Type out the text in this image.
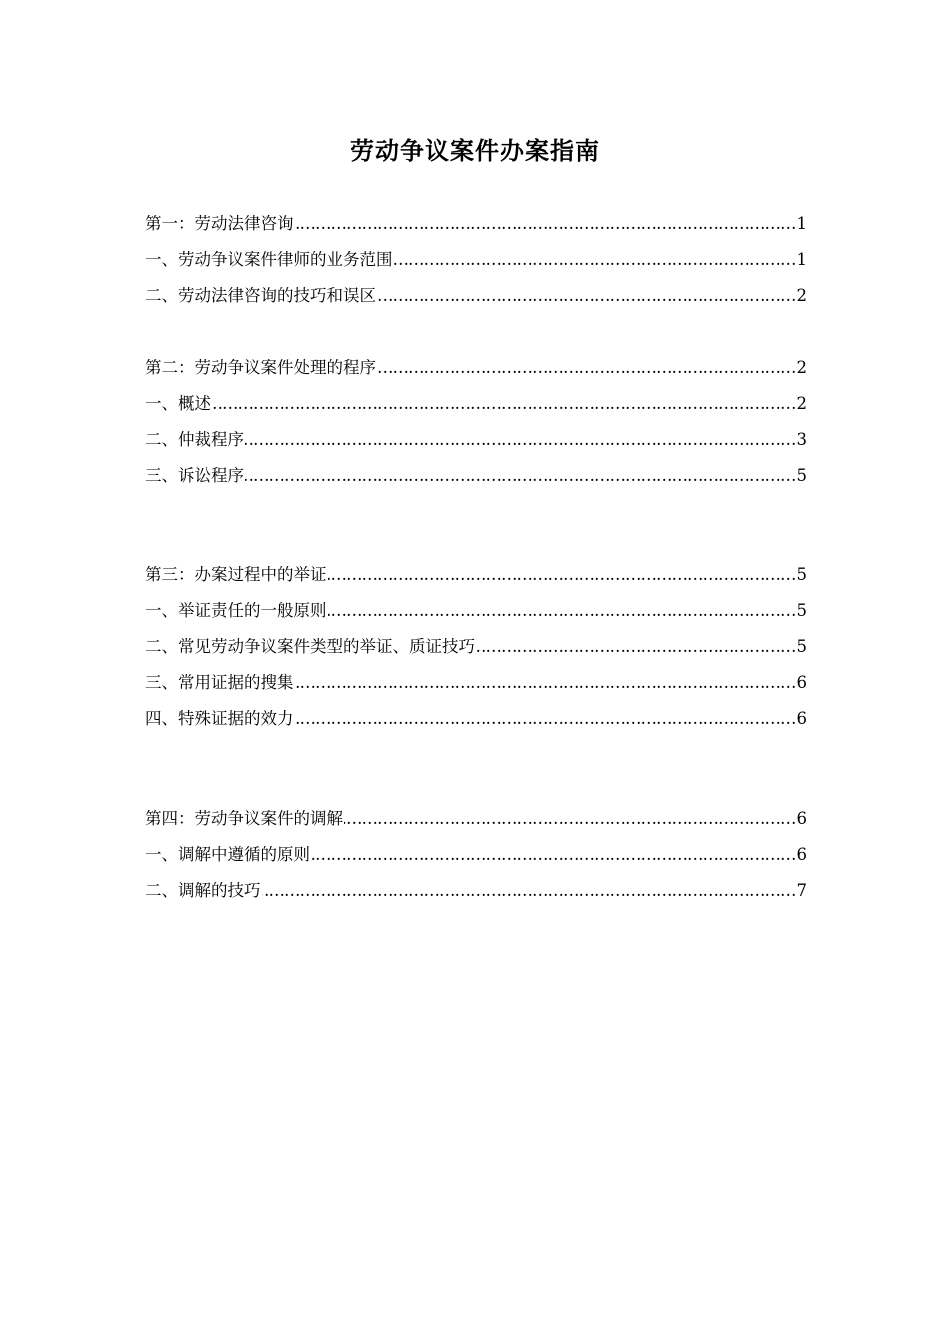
劳动争议案件办案指南
第一：劳动法律咨询 ………………………………………………………………………………………………………………………………………………………………………………………………………………………………………………	1
一、劳动争议案件律师的业务范围 ………………………………………………………………………………………………………………………………………………………………………………………………………………………………………………	1
二、劳动法律咨询的技巧和误区 ………………………………………………………………………………………………………………………………………………………………………………………………………………………………………………	2
第二：劳动争议案件处理的程序 ………………………………………………………………………………………………………………………………………………………………………………………………………………………………………………	2
一、概述 ………………………………………………………………………………………………………………………………………………………………………………………………………………………………………………	2
二、仲裁程序 ………………………………………………………………………………………………………………………………………………………………………………………………………………………………………………	3
三、诉讼程序 ………………………………………………………………………………………………………………………………………………………………………………………………………………………………………………	5
第三：办案过程中的举证 ………………………………………………………………………………………………………………………………………………………………………………………………………………………………………………	5
一、举证责任的一般原则 ………………………………………………………………………………………………………………………………………………………………………………………………………………………………………………	5
二、常见劳动争议案件类型的举证、质证技巧 ………………………………………………………………………………………………………………………………………………………………………………………………………………………………………………	5
三、常用证据的搜集 ………………………………………………………………………………………………………………………………………………………………………………………………………………………………………………	6
四、特殊证据的效力 ………………………………………………………………………………………………………………………………………………………………………………………………………………………………………………	6
第四：劳动争议案件的调解 ………………………………………………………………………………………………………………………………………………………………………………………………………………………………………………	6
一、调解中遵循的原则 ………………………………………………………………………………………………………………………………………………………………………………………………………………………………………………	6
二、调解的技巧 ………………………………………………………………………………………………………………………………………………………………………………………………………………………………………………	7
